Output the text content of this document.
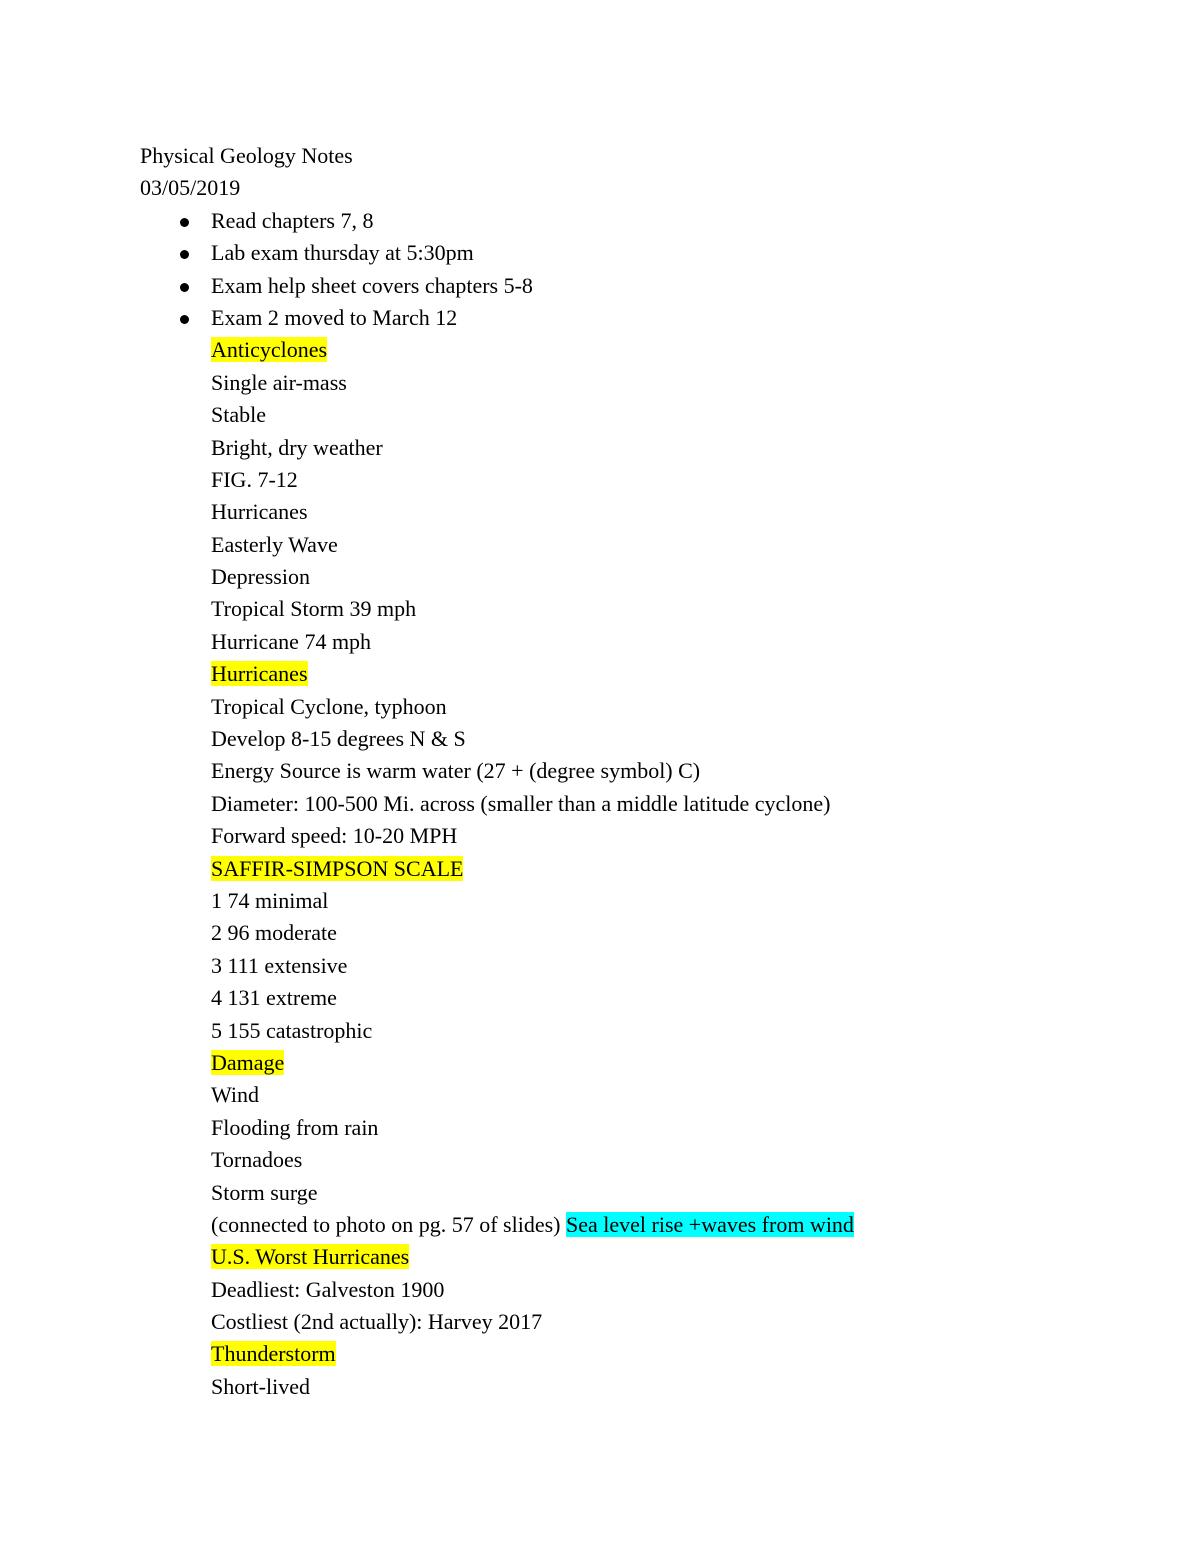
Physical Geology Notes
03/05/2019
Read chapters 7, 8
Lab exam thursday at 5:30pm
Exam help sheet covers chapters 5-8
Exam 2 moved to March 12
Anticyclones
Single air-mass
Stable
Bright, dry weather
FIG. 7-12
Hurricanes
Easterly Wave
Depression
Tropical Storm 39 mph
Hurricane 74 mph
Hurricanes
Tropical Cyclone, typhoon
Develop 8-15 degrees N & S
Energy Source is warm water (27 + (degree symbol) C)
Diameter: 100-500 Mi. across (smaller than a middle latitude cyclone)
Forward speed: 10-20 MPH
SAFFIR-SIMPSON SCALE
1 74 minimal
2 96 moderate
3 111 extensive
4 131 extreme
5 155 catastrophic
Damage
Wind
Flooding from rain
Tornadoes
Storm surge
(connected to photo on pg. 57 of slides) Sea level rise +waves from wind
U.S. Worst Hurricanes
Deadliest: Galveston 1900
Costliest (2nd actually): Harvey 2017
Thunderstorm
Short-lived
